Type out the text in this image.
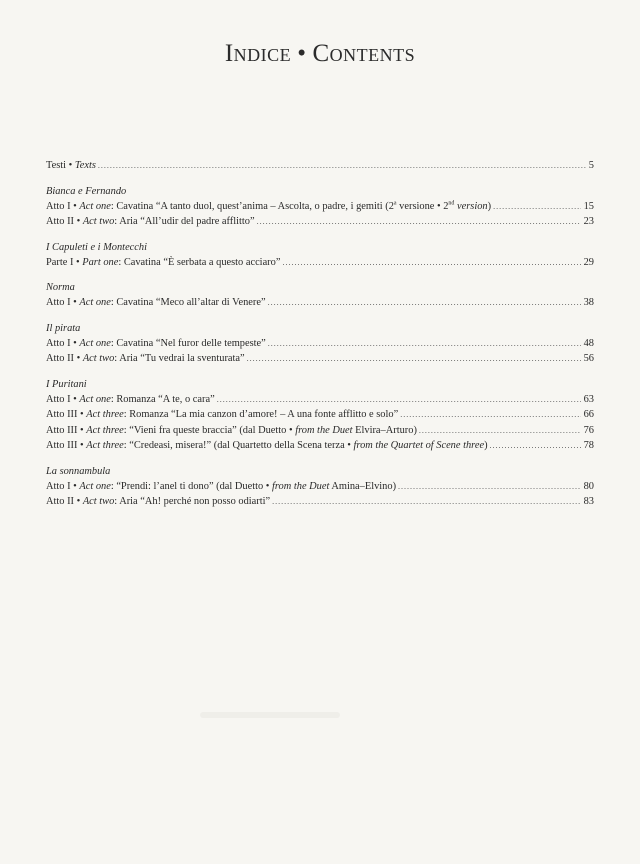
Indice • Contents
Testi • Texts .....	5
Bianca e Fernando
Atto I • Act one: Cavatina “A tanto duol, quest’anima – Ascolta, o padre, i gemiti (2$^a$ versione • 2nd version) .....	15
Atto II • Act two: Aria “All’udir del padre afflitto” .....	23
I Capuleti e i Montecchi
Parte I • Part one: Cavatina “È serbata a questo acciaro” .....	29
Norma
Atto I • Act one: Cavatina “Meco all’altar di Venere” .....	38
Il pirata
Atto I • Act one: Cavatina “Nel furor delle tempeste” .....	48
Atto II • Act two: Aria “Tu vedrai la sventurata” .....	56
I Puritani
Atto I • Act one: Romanza “A te, o cara” .....	63
Atto III • Act three: Romanza “La mia canzon d’amore! – A una fonte afflitto e solo” .....	66
Atto III • Act three: “Vieni fra queste braccia” (dal Duetto • from the Duet Elvira–Arturo) .....	76
Atto III • Act three: “Credeasi, misera!” (dal Quartetto della Scena terza • from the Quartet of Scene three) .....	78
La sonnambula
Atto I • Act one: “Prendi: l’anel ti dono” (dal Duetto • from the Duet Amina–Elvino) .....	80
Atto II • Act two: Aria “Ah! perché non posso odiarti” .....	83
